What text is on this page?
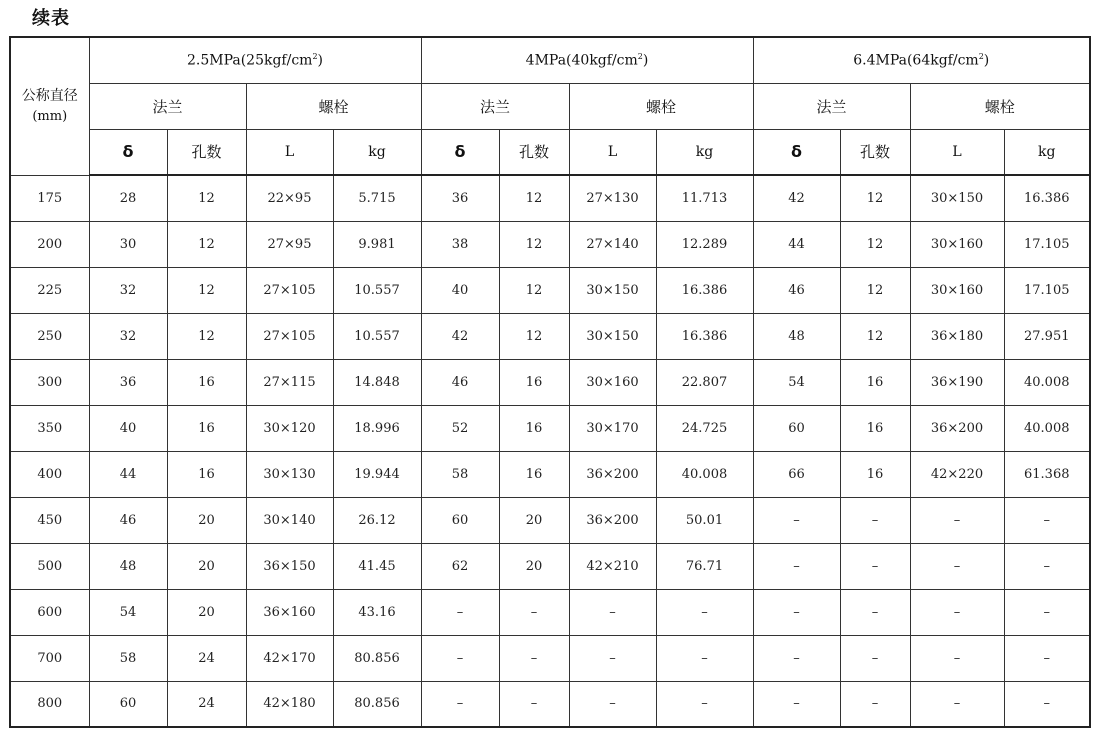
续表
公称直径
(mm)	$2.5MPa(25kgf/cm^2)$				$4MPa(40kgf/cm^2)$				$6.4MPa(64kgf/cm^2)$			
	法兰		螺栓		法兰		螺栓		法兰		螺栓	
	δ	孔数	L	kg	δ	孔数	L	kg	δ	孔数	L	kg
175	28	12	22×95	5.715	36	12	27×130	11.713	42	12	30×150	16.386
200	30	12	27×95	9.981	38	12	27×140	12.289	44	12	30×160	17.105
225	32	12	27×105	10.557	40	12	30×150	16.386	46	12	30×160	17.105
250	32	12	27×105	10.557	42	12	30×150	16.386	48	12	36×180	27.951
300	36	16	27×115	14.848	46	16	30×160	22.807	54	16	36×190	40.008
350	40	16	30×120	18.996	52	16	30×170	24.725	60	16	36×200	40.008
400	44	16	30×130	19.944	58	16	36×200	40.008	66	16	42×220	61.368
450	46	20	30×140	26.12	60	20	36×200	50.01	–	–	–	–
500	48	20	36×150	41.45	62	20	42×210	76.71	–	–	–	–
600	54	20	36×160	43.16	–	–	–	–	–	–	–	–
700	58	24	42×170	80.856	–	–	–	–	–	–	–	–
800	60	24	42×180	80.856	–	–	–	–	–	–	–	–
